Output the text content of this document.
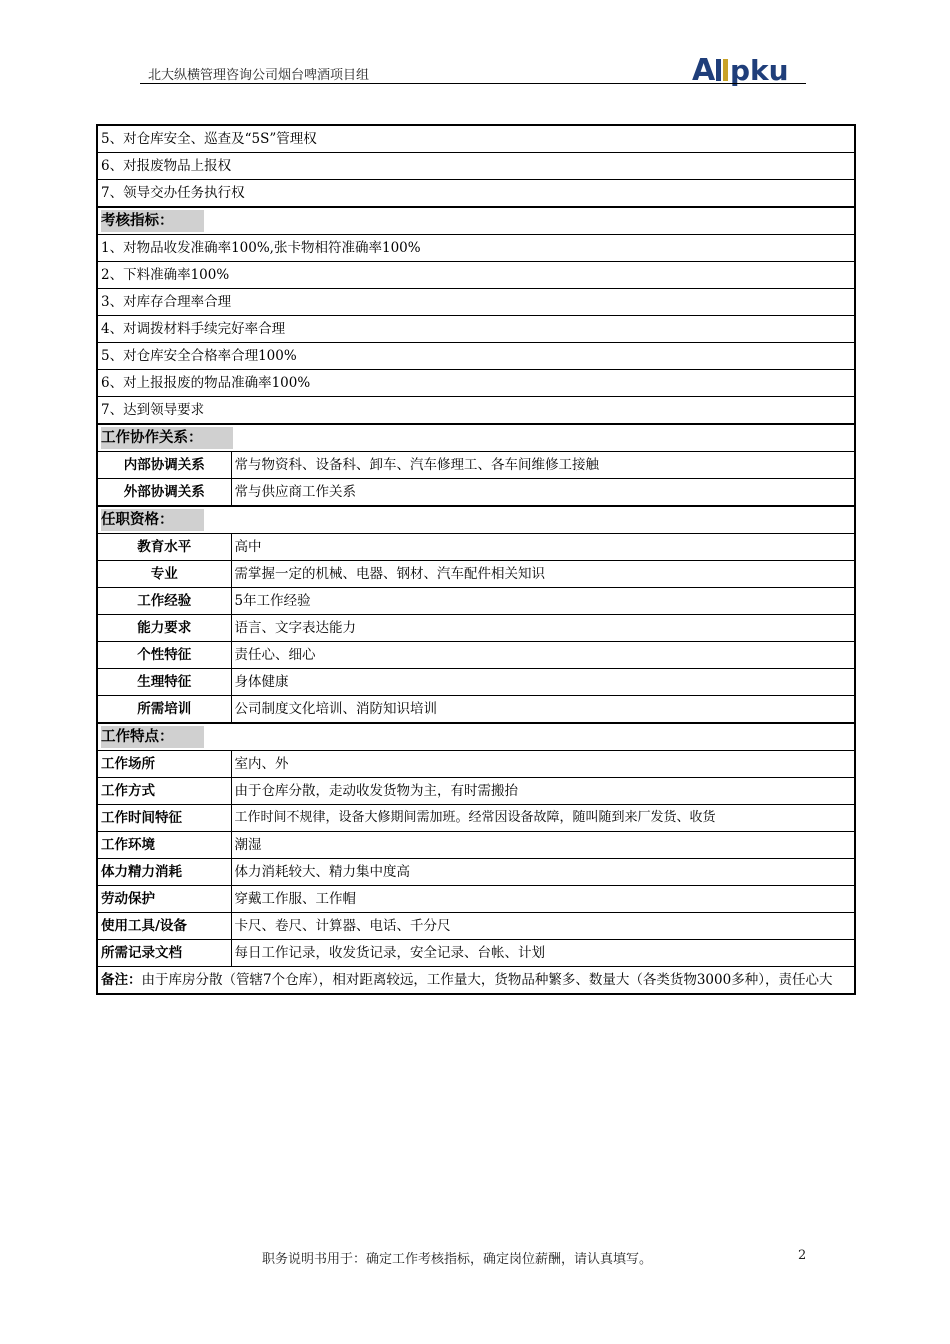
北大纵横管理咨询公司烟台啤酒项目组	A pku
5、对仓库安全、巡查及“5S”管理权	
6、对报废物品上报权	
7、领导交办任务执行权	
考核指标：	
1、对物品收发准确率100%,张卡物相符准确率100%	
2、下料准确率100%	
3、对库存合理率合理	
4、对调拨材料手续完好率合理	
5、对仓库安全合格率合理100%	
6、对上报报废的物品准确率100%	
7、达到领导要求	
工作协作关系：	
内部协调关系	常与物资科、设备科、卸车、汽车修理工、各车间维修工接触
外部协调关系	常与供应商工作关系
任职资格：	
教育水平	高中
专业	需掌握一定的机械、电器、钢材、汽车配件相关知识
工作经验	5年工作经验
能力要求	语言、文字表达能力
个性特征	责任心、细心
生理特征	身体健康
所需培训	公司制度文化培训、消防知识培训
工作特点：	
工作场所	室内、外
工作方式	由于仓库分散，走动收发货物为主，有时需搬抬
工作时间特征	工作时间不规律，设备大修期间需加班。经常因设备故障，随叫随到来厂发货、收货
工作环境	潮湿
体力精力消耗	体力消耗较大、精力集中度高
劳动保护	穿戴工作服、工作帽
使用工具/设备	卡尺、卷尺、计算器、电话、千分尺
所需记录文档	每日工作记录，收发货记录，安全记录、台帐、计划
备注：由于库房分散（管辖7个仓库），相对距离较远，工作量大，货物品种繁多、数量大（各类货物3000多种），责任心大	
职务说明书用于：确定工作考核指标，确定岗位薪酬，请认真填写。	2
